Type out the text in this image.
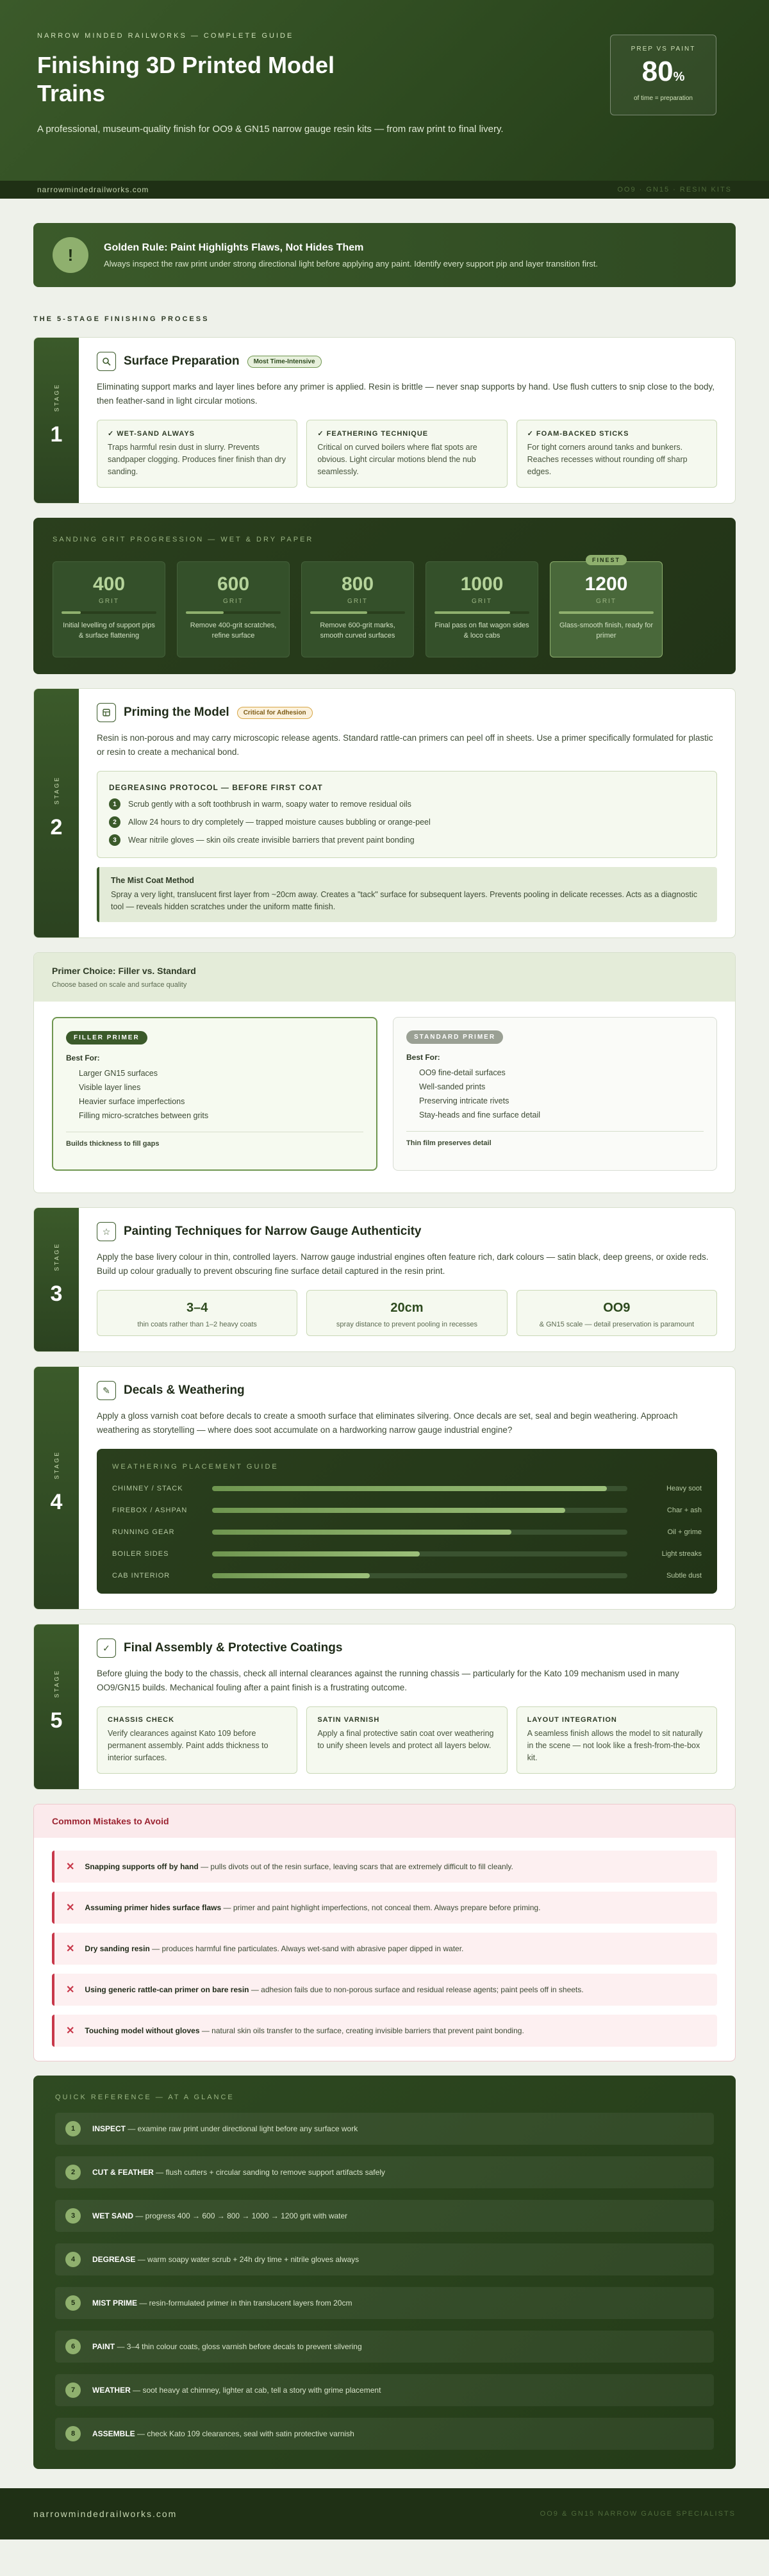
NARROW MINDED RAILWORKS — COMPLETE GUIDE
Finishing 3D Printed Model Trains

A professional, museum-quality finish for OO9 & GN15 narrow gauge resin kits — from raw print to final livery.

PREP VS PAINT
80%
of time = preparation
narrowmindedrailworks.com	OO9 · GN15 · RESIN KITS
!	Golden Rule: Paint Highlights Flaws, Not Hides Them
Always inspect the raw print under strong directional light before applying any paint. Identify every support pip and layer transition first.
THE 5-STAGE FINISHING PROCESS
STAGE
1
Surface Preparation	Most Time-Intensive

Eliminating support marks and layer lines before any primer is applied. Resin is brittle — never snap supports by hand. Use flush cutters to snip close to the body, then feather-sand in light circular motions.

✓ WET-SAND ALWAYS
Traps harmful resin dust in slurry. Prevents sandpaper clogging. Produces finer finish than dry sanding.
✓ FEATHERING TECHNIQUE
Critical on curved boilers where flat spots are obvious. Light circular motions blend the nub seamlessly.
✓ FOAM-BACKED STICKS
For tight corners around tanks and bunkers. Reaches recesses without rounding off sharp edges.
SANDING GRIT PROGRESSION — WET & DRY PAPER
400
GRIT
Initial levelling of support pips & surface flattening
600
GRIT
Remove 400-grit scratches, refine surface
800
GRIT
Remove 600-grit marks, smooth curved surfaces
1000
GRIT
Final pass on flat wagon sides & loco cabs
FINEST
1200
GRIT
Glass-smooth finish, ready for primer
STAGE
2
Priming the Model	Critical for Adhesion

Resin is non-porous and may carry microscopic release agents. Standard rattle-can primers can peel off in sheets. Use a primer specifically formulated for plastic or resin to create a mechanical bond.

DEGREASING PROTOCOL — BEFORE FIRST COAT
1	Scrub gently with a soft toothbrush in warm, soapy water to remove residual oils
2	Allow 24 hours to dry completely — trapped moisture causes bubbling or orange-peel
3	Wear nitrile gloves — skin oils create invisible barriers that prevent paint bonding
The Mist Coat Method
Spray a very light, translucent first layer from ~20cm away. Creates a "tack" surface for subsequent layers. Prevents pooling in delicate recesses. Acts as a diagnostic tool — reveals hidden scratches under the uniform matte finish.
Primer Choice: Filler vs. Standard
Choose based on scale and surface quality
FILLER PRIMER
Best For:
Larger GN15 surfaces
Visible layer lines
Heavier surface imperfections
Filling micro-scratches between grits
Builds thickness to fill gaps
STANDARD PRIMER
Best For:
OO9 fine-detail surfaces
Well-sanded prints
Preserving intricate rivets
Stay-heads and fine surface detail
Thin film preserves detail
STAGE
3
☆	Painting Techniques for Narrow Gauge Authenticity

Apply the base livery colour in thin, controlled layers. Narrow gauge industrial engines often feature rich, dark colours — satin black, deep greens, or oxide reds. Build up colour gradually to prevent obscuring fine surface detail captured in the resin print.

3–4
thin coats rather than 1–2 heavy coats
20cm
spray distance to prevent pooling in recesses
OO9
& GN15 scale — detail preservation is paramount
STAGE
4
✎	Decals & Weathering

Apply a gloss varnish coat before decals to create a smooth surface that eliminates silvering. Once decals are set, seal and begin weathering. Approach weathering as storytelling — where does soot accumulate on a hardworking narrow gauge industrial engine?

WEATHERING PLACEMENT GUIDE
CHIMNEY / STACK	Heavy soot
FIREBOX / ASHPAN	Char + ash
RUNNING GEAR	Oil + grime
BOILER SIDES	Light streaks
CAB INTERIOR	Subtle dust
STAGE
5
✓	Final Assembly & Protective Coatings

Before gluing the body to the chassis, check all internal clearances against the running chassis — particularly for the Kato 109 mechanism used in many OO9/GN15 builds. Mechanical fouling after a paint finish is a frustrating outcome.

CHASSIS CHECK
Verify clearances against Kato 109 before permanent assembly. Paint adds thickness to interior surfaces.
SATIN VARNISH
Apply a final protective satin coat over weathering to unify sheen levels and protect all layers below.
LAYOUT INTEGRATION
A seamless finish allows the model to sit naturally in the scene — not look like a fresh-from-the-box kit.
Common Mistakes to Avoid
✕ Snapping supports off by hand — pulls divots out of the resin surface, leaving scars that are extremely difficult to fill cleanly.
✕ Assuming primer hides surface flaws — primer and paint highlight imperfections, not conceal them. Always prepare before priming.
✕ Dry sanding resin — produces harmful fine particulates. Always wet-sand with abrasive paper dipped in water.
✕ Using generic rattle-can primer on bare resin — adhesion fails due to non-porous surface and residual release agents; paint peels off in sheets.
✕ Touching model without gloves — natural skin oils transfer to the surface, creating invisible barriers that prevent paint bonding.
QUICK REFERENCE — AT A GLANCE
1	INSPECT — examine raw print under directional light before any surface work
2	CUT & FEATHER — flush cutters + circular sanding to remove support artifacts safely
3	WET SAND — progress 400 → 600 → 800 → 1000 → 1200 grit with water
4	DEGREASE — warm soapy water scrub + 24h dry time + nitrile gloves always
5	MIST PRIME — resin-formulated primer in thin translucent layers from 20cm
6	PAINT — 3–4 thin colour coats, gloss varnish before decals to prevent silvering
7	WEATHER — soot heavy at chimney, lighter at cab, tell a story with grime placement
8	ASSEMBLE — check Kato 109 clearances, seal with satin protective varnish
narrowmindedrailworks.com	OO9 & GN15 NARROW GAUGE SPECIALISTS
